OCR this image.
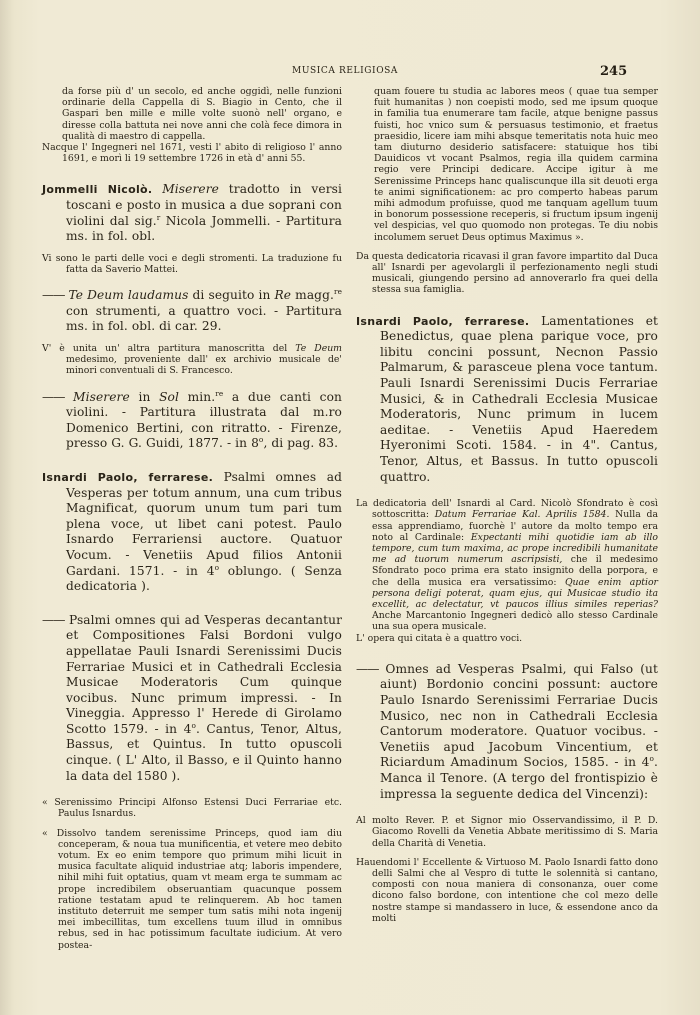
MUSICA RELIGIOSA	245

da forse più d' un secolo, ed anche oggidì, nelle funzioni ordinarie della Cappella di S. Biagio in Cento, che il Gaspari ben mille e mille volte suonò nell' organo, e diresse colla battuta nei nove anni che colà fece dimora in qualità di maestro di cappella.

Nacque l' Ingegneri nel 1671, vesti l' abito di religioso l' anno 1691, e morì li 19 settembre 1726 in età d' anni 55.

Jommelli Nicolò. Miserere tradotto in versi toscani e posto in musica a due soprani con violini dal sig.$^r$ Nicola Jommelli. - Partitura ms. in fol. obl.

Vi sono le parti delle voci e degli stromenti. La traduzione fu fatta da Saverio Mattei.

—— Te Deum laudamus di seguito in Re magg.$^{re}$ con strumenti, a quattro voci. - Partitura ms. in fol. obl. di car. 29.

V' è unita un' altra partitura manoscritta del Te Deum medesimo, proveniente dall' ex archivio musicale de' minori conventuali di S. Francesco.

—— Miserere in Sol min.$^{re}$ a due canti con violini. - Partitura illustrata dal m.ro Domenico Bertini, con ritratto. - Firenze, presso G. G. Guidi, 1877. - in 8$^o$, di pag. 83.

Isnardi Paolo, ferrarese. Psalmi omnes ad Vesperas per totum annum, una cum tribus Magnificat, quorum unum tum pari tum plena voce, ut libet cani potest. Paulo Isnardo Ferrariensi auctore. Quatuor Vocum. - Venetiis Apud filios Antonii Gardani. 1571. - in 4$^o$ oblungo. ( Senza dedicatoria ).

—— Psalmi omnes qui ad Vesperas decantantur et Compositiones Falsi Bordoni vulgo appellatae Pauli Isnardi Serenissimi Ducis Ferrariae Musici et in Cathedrali Ecclesia Musicae Moderatoris Cum quinque vocibus. Nunc primum impressi. - In Vineggia. Appresso l' Herede di Girolamo Scotto 1579. - in 4$^o$. Cantus, Tenor, Altus, Bassus, et Quintus. In tutto opuscoli cinque. ( L' Alto, il Basso, e il Quinto hanno la data del 1580 ).

« Serenissimo Principi Alfonso Estensi Duci Ferrariae etc. Paulus Isnardus.

« Dissolvo tandem serenissime Princeps, quod iam diu conceperam, & noua tua munificentia, et vetere meo debito votum. Ex eo enim tempore quo primum mihi licuit in musica facultate aliquid industriae atq; laboris impendere, nihil mihi fuit optatius, quam vt meam erga te summam ac prope incredibilem obseruantiam quacunque possem ratione testatam apud te relinquerem. Ab hoc tamen instituto deterruit me semper tum satis mihi nota ingenij mei imbecillitas, tum excellens tuum illud in omnibus rebus, sed in hac potissimum facultate iudicium. At vero postea-

quam fouere tu studia ac labores meos ( quae tua semper fuit humanitas ) non coepisti modo, sed me ipsum quoque in familia tua enumerare tam facile, atque benigne passus fuisti, hoc vnico sum & persuasus testimonio, et fraetus praesidio, licere iam mihi absque temeritatis nota huic meo tam diuturno desiderio satisfacere: statuique hos tibi Dauidicos vt vocant Psalmos, regia illa quidem carmina regio vere Principi dedicare. Accipe igitur à me Serenissime Princeps hanc qualiscunque illa sit deuoti erga te animi significationem: ac pro comperto habeas parum mihi admodum profuisse, quod me tanquam agellum tuum in bonorum possessione receperis, si fructum ipsum ingenij vel despicias, vel quo quomodo non protegas. Te diu nobis incolumem seruet Deus optimus Maximus ».

Da questa dedicatoria ricavasi il gran favore impartito dal Duca all' Isnardi per agevolargli il perfezionamento negli studi musicali, giungendo persino ad annoverarlo fra quei della stessa sua famiglia.

Isnardi Paolo, ferrarese. Lamentationes et Benedictus, quae plena parique voce, pro libitu concini possunt, Necnon Passio Palmarum, & parasceue plena voce tantum. Pauli Isnardi Serenissimi Ducis Ferrariae Musici, & in Cathedrali Ecclesia Musicae Moderatoris, Nunc primum in lucem aeditae. - Venetiis Apud Haeredem Hyeronimi Scoti. 1584. - in 4". Cantus, Tenor, Altus, et Bassus. In tutto opuscoli quattro.

La dedicatoria dell' Isnardi al Card. Nicolò Sfondrato è così sottoscritta: Datum Ferrariae Kal. Aprilis 1584. Nulla da essa apprendiamo, fuorchè l' autore da molto tempo era noto al Cardinale: Expectanti mihi quotidie iam ab illo tempore, cum tum maxima, ac prope incredibili humanitate me ad tuorum numerum ascripsisti, che il medesimo Sfondrato poco prima era stato insignito della porpora, e che della musica era versatissimo: Quae enim aptior persona deligi poterat, quam ejus, qui Musicae studio ita excellit, ac delectatur, vt paucos illius similes reperias? Anche Marcantonio Ingegneri dedicò allo stesso Cardinale una sua opera musicale.

L' opera qui citata è a quattro voci.

—— Omnes ad Vesperas Psalmi, qui Falso (ut aiunt) Bordonio concini possunt: auctore Paulo Isnardo Serenissimi Ferrariae Ducis Musico, nec non in Cathedrali Ecclesia Cantorum moderatore. Quatuor vocibus. - Venetiis apud Jacobum Vincentium, et Riciardum Amadinum Socios, 1585. - in 4$^o$. Manca il Tenore. (A tergo del frontispizio è impressa la seguente dedica del Vincenzi):

Al molto Rever. P. et Signor mio Osservandissimo, il P. D. Giacomo Rovelli da Venetia Abbate meritissimo di S. Maria della Charità di Venetia.

Hauendomi l' Eccellente & Virtuoso M. Paolo Isnardi fatto dono delli Salmi che al Vespro di tutte le solennità si cantano, composti con noua maniera di consonanza, ouer come dicono falso bordone, con intentione che col mezo delle nostre stampe si mandassero in luce, & essendone anco da molti
